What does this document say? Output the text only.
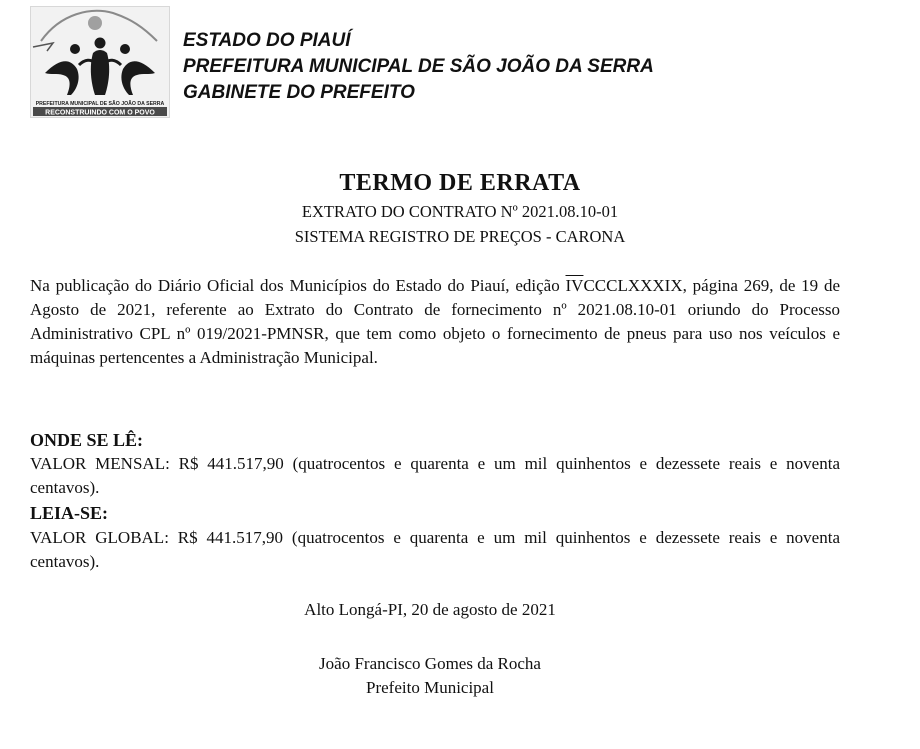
PREFEITURA MUNICIPAL DE SÃO JOÃO DA SERRA
RECONSTRUINDO COM O POVO
ESTADO DO PIAUÍ
PREFEITURA MUNICIPAL DE SÃO JOÃO DA SERRA
GABINETE DO PREFEITO
TERMO DE ERRATA
EXTRATO DO CONTRATO Nº 2021.08.10-01
SISTEMA REGISTRO DE PREÇOS - CARONA
Na publicação do Diário Oficial dos Municípios do Estado do Piauí, edição $\overline{IV}CCCLXXXIX$, página 269, de 19 de Agosto de 2021, referente ao Extrato do Contrato de fornecimento nº 2021.08.10-01 oriundo do Processo Administrativo CPL nº 019/2021-PMNSR, que tem como objeto o fornecimento de pneus para uso nos veículos e máquinas pertencentes a Administração Municipal.
ONDE SE LÊ:
VALOR MENSAL: R$ 441.517,90 (quatrocentos e quarenta e um mil quinhentos e dezessete reais e noventa centavos).
LEIA-SE:
VALOR GLOBAL: R$ 441.517,90 (quatrocentos e quarenta e um mil quinhentos e dezessete reais e noventa centavos).
Alto Longá-PI, 20 de agosto de 2021
João Francisco Gomes da Rocha
Prefeito Municipal
